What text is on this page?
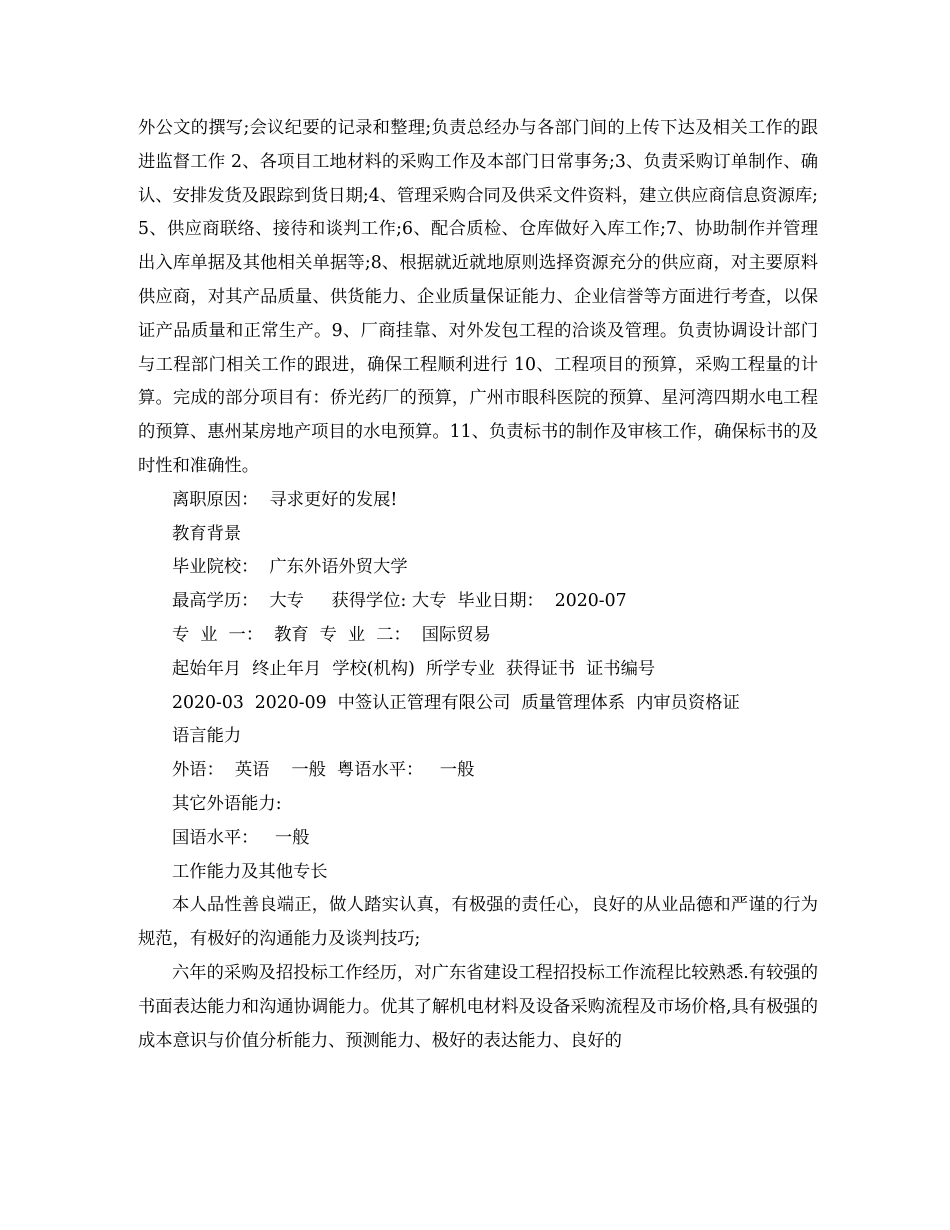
外公文的撰写;会议纪要的记录和整理;负责总经办与各部门间的上传下达及相关工作的跟进监督工作 2、各项目工地材料的采购工作及本部门日常事务;3、负责采购订单制作、确认、安排发货及跟踪到货日期;4、管理采购合同及供采文件资料，建立供应商信息资源库;5、供应商联络、接待和谈判工作;6、配合质检、仓库做好入库工作;7、协助制作并管理出入库单据及其他相关单据等;8、根据就近就地原则选择资源充分的供应商，对主要原料供应商，对其产品质量、供货能力、企业质量保证能力、企业信誉等方面进行考查，以保证产品质量和正常生产。9、厂商挂靠、对外发包工程的洽谈及管理。负责协调设计部门与工程部门相关工作的跟进，确保工程顺利进行 10、工程项目的预算，采购工程量的计算。完成的部分项目有：侨光药厂的预算，广州市眼科医院的预算、星河湾四期水电工程的预算、惠州某房地产项目的水电预算。11、负责标书的制作及审核工作，确保标书的及时性和准确性。

离职原因：  寻求更好的发展!

教育背景

毕业院校：  广东外语外贸大学

最高学历：  大专     获得学位: 大专  毕业日期：  2020-07

专  业  一：  教育  专  业  二：  国际贸易

起始年月  终止年月  学校(机构)  所学专业  获得证书  证书编号

2020-03  2020-09  中签认正管理有限公司  质量管理体系  内审员资格证

语言能力

外语：  英语    一般  粤语水平：   一般

其它外语能力:

国语水平：   一般

工作能力及其他专长

本人品性善良端正，做人踏实认真，有极强的责任心，良好的从业品德和严谨的行为规范，有极好的沟通能力及谈判技巧;

六年的采购及招投标工作经历，对广东省建设工程招投标工作流程比较熟悉.有较强的书面表达能力和沟通协调能力。优其了解机电材料及设备采购流程及市场价格,具有极强的成本意识与价值分析能力、预测能力、极好的表达能力、良好的
